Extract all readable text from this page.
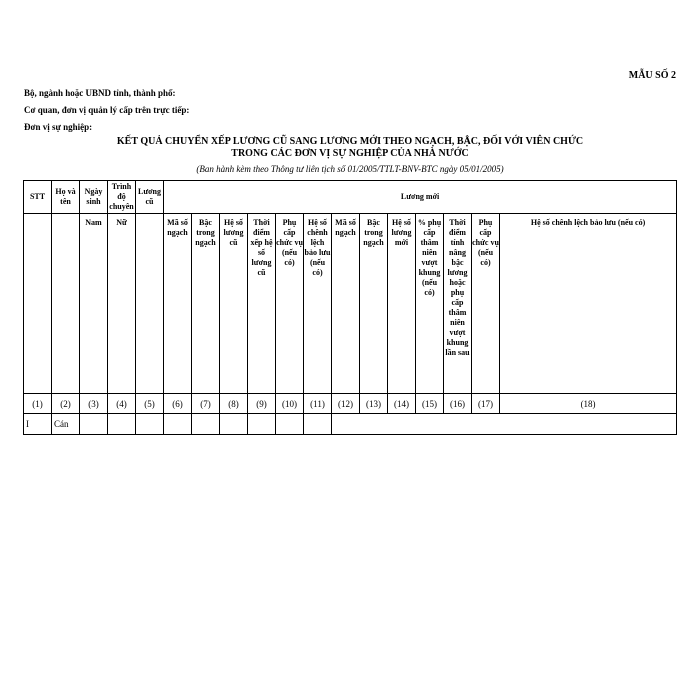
MẪU SỐ 2
Bộ, ngành hoặc UBND tỉnh, thành phố:
Cơ quan, đơn vị quản lý cấp trên trực tiếp:
Đơn vị sự nghiệp:
KẾT QUẢ CHUYỂN XẾP LƯƠNG CŨ SANG LƯƠNG MỚI THEO NGẠCH, BẬC, ĐỐI VỚI VIÊN CHỨC
TRONG CÁC ĐƠN VỊ SỰ NGHIỆP CỦA NHÀ NƯỚC
(Ban hành kèm theo Thông tư liên tịch số 01/2005/TTLT-BNV-BTC ngày 05/01/2005)
STT	Họ và tên	Ngày sinh	Trình độ chuyên	Lương cũ	Lương mới												
		Nam	Nữ		Mã số ngạch	Bậc trong ngạch	Hệ số lương cũ	Thời điểm xếp hệ số lương cũ	Phụ cấp chức vụ (nếu có)	Hệ số chênh lệch bảo lưu (nếu có)	Mã số ngạch	Bậc trong ngạch	Hệ số lương mới	% phụ cấp thâm niên vượt khung (nếu có)	Thời điểm tính nâng bậc lương hoặc phụ cấp thâm niên vượt khung lần sau	Phụ cấp chức vụ (nếu có)	Hệ số chênh lệch bảo lưu (nếu có)
(1)	(2)	(3)	(4)	(5)	(6)	(7)	(8)	(9)	(10)	(11)	(12)	(13)	(14)	(15)	(16)	(17)	(18)
I	Cán																
